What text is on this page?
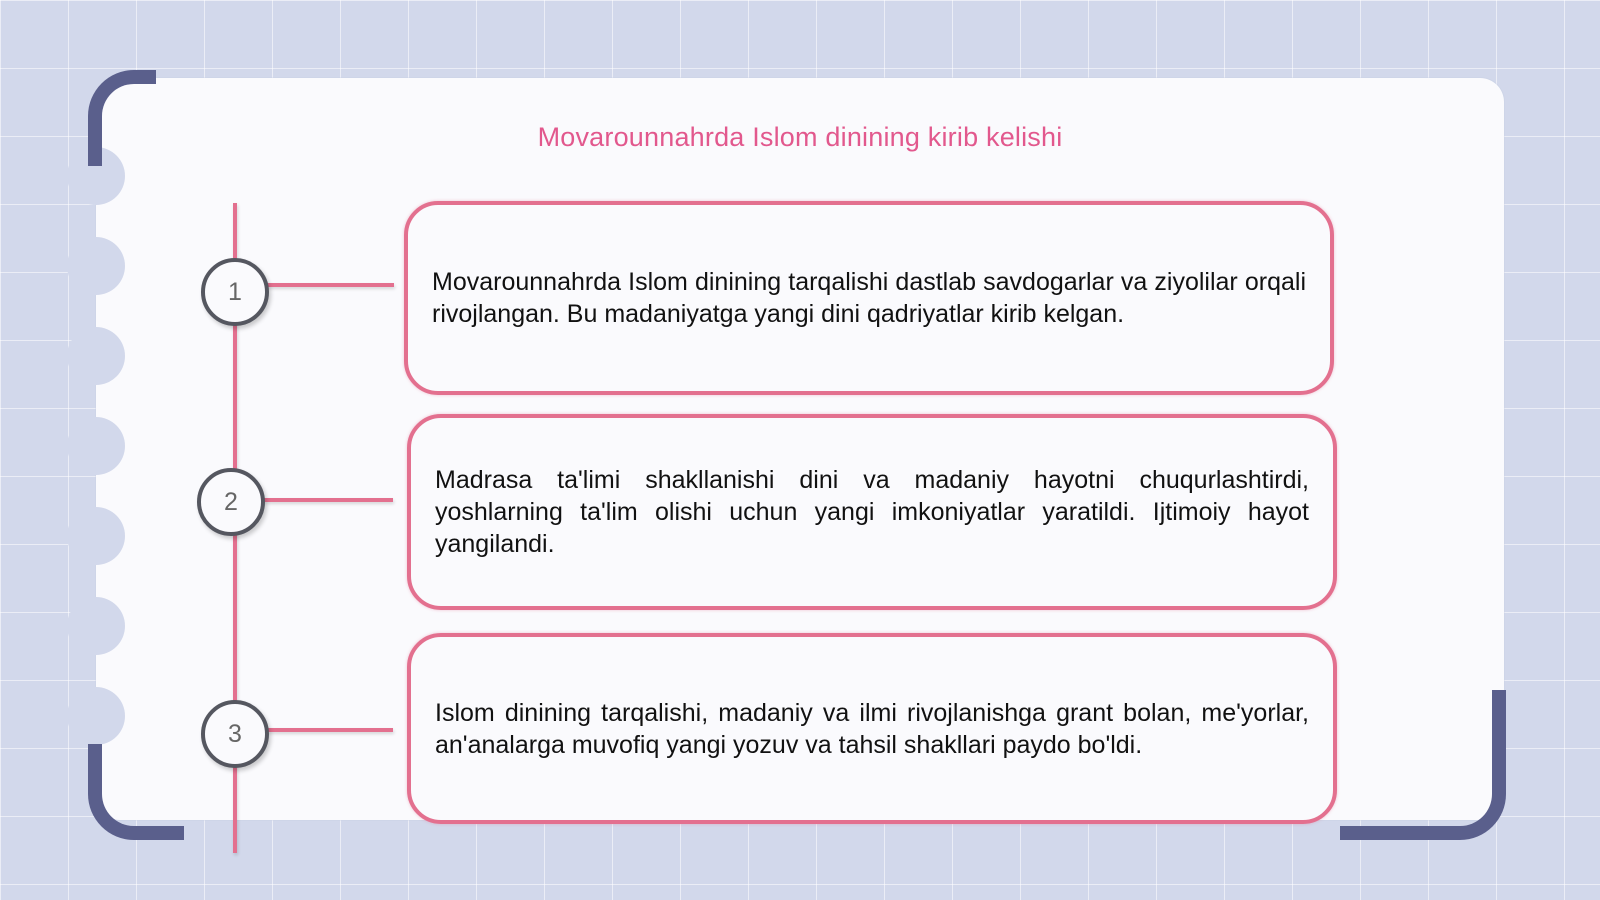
Movarounnahrda Islom dinining kirib kelishi
1	Movarounnahrda Islom dinining tarqalishi dastlab savdogarlar va ziyolilar orqali rivojlangan. Bu madaniyatga yangi dini qadriyatlar kirib kelgan.

2

Madrasa ta'limi shakllanishi dini va madaniy hayotni chuqurlashtirdi, yoshlarning ta'lim olishi uchun yangi imkoniyatlar yaratildi. Ijtimoiy hayot yangilandi.

3

Islom dinining tarqalishi, madaniy va ilmi rivojlanishga grant bolan, me'yorlar, an'analarga muvofiq yangi yozuv va tahsil shakllari paydo bo'ldi.
